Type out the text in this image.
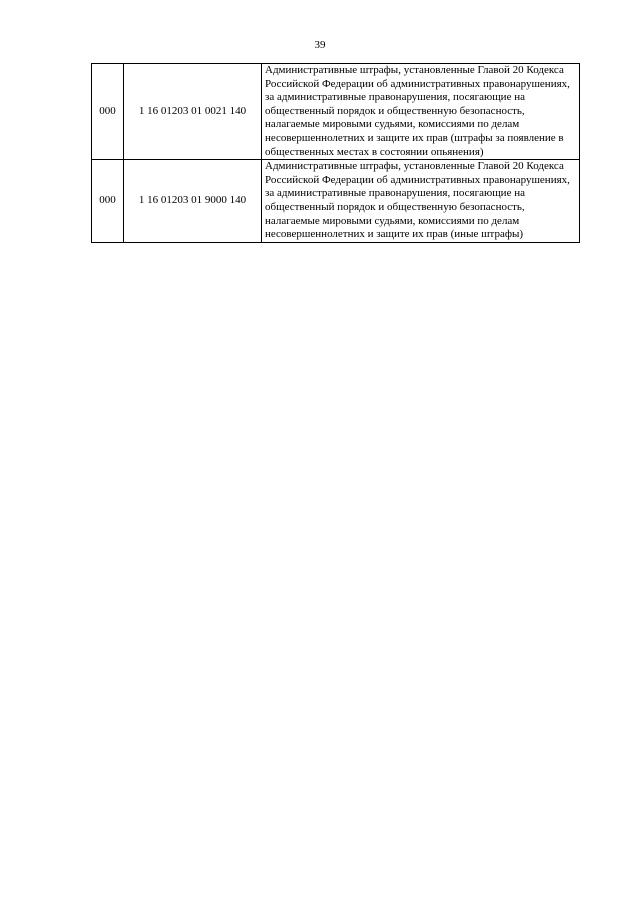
39
000	1 16 01203 01 0021 140	Административные штрафы, установленные Главой 20 Кодекса Российской Федерации об административных правонарушениях, за административные правонарушения, посягающие на общественный порядок и общественную безопасность, налагаемые мировыми судьями, комиссиями по делам несовершеннолетних и защите их прав (штрафы за появление в общественных местах в состоянии опьянения)
000	1 16 01203 01 9000 140	Административные штрафы, установленные Главой 20 Кодекса Российской Федерации об административных правонарушениях, за административные правонарушения, посягающие на общественный порядок и общественную безопасность, налагаемые мировыми судьями, комиссиями по делам несовершеннолетних и защите их прав (иные штрафы)
